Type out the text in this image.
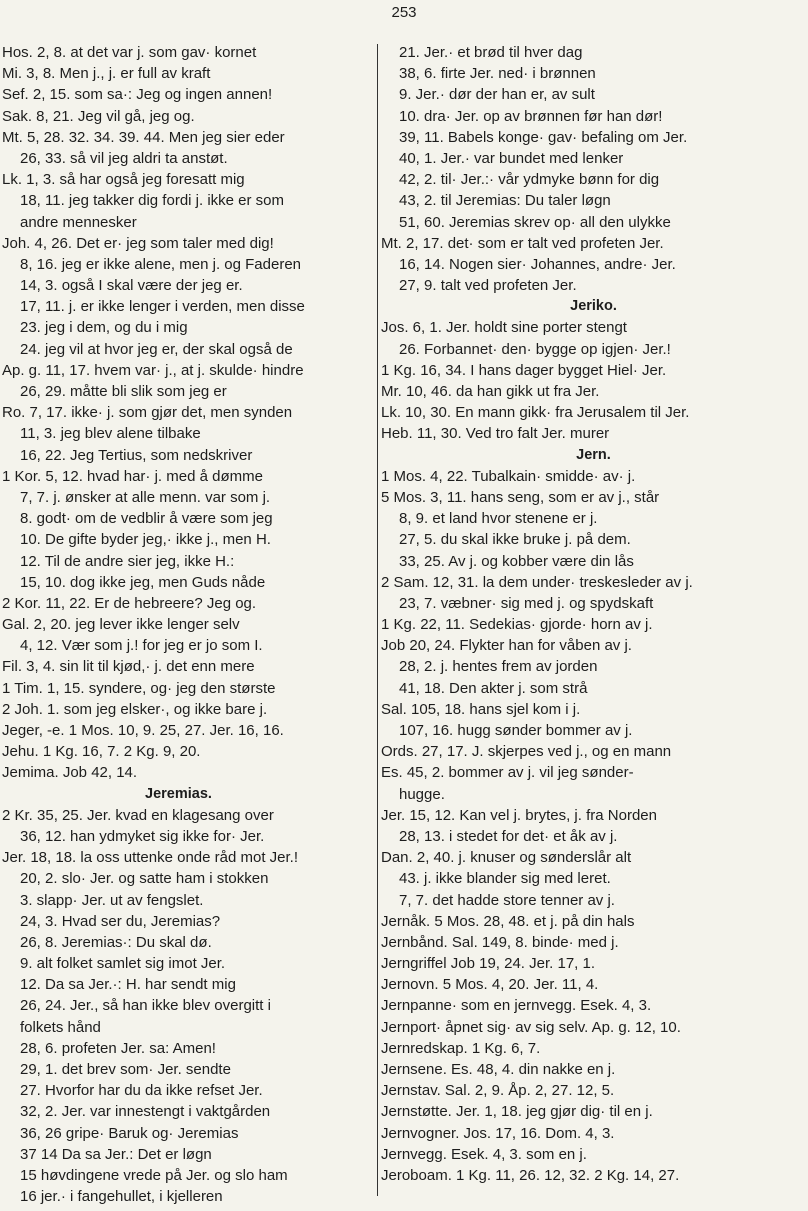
253
Hos. 2, 8. at det var j. som gav· kornet
Mi. 3, 8. Men j., j. er full av kraft
Sef. 2, 15. som sa·: Jeg og ingen annen!
Sak. 8, 21. Jeg vil gå, jeg og.
Mt. 5, 28. 32. 34. 39. 44. Men jeg sier eder
26, 33. så vil jeg aldri ta anstøt.
Lk. 1, 3. så har også jeg foresatt mig
18, 11. jeg takker dig fordi j. ikke er som
andre mennesker
Joh. 4, 26. Det er· jeg som taler med dig!
8, 16. jeg er ikke alene, men j. og Faderen
14, 3. også I skal være der jeg er.
17, 11. j. er ikke lenger i verden, men disse
23. jeg i dem, og du i mig
24. jeg vil at hvor jeg er, der skal også de
Ap. g. 11, 17. hvem var· j., at j. skulde· hindre
26, 29. måtte bli slik som jeg er
Ro. 7, 17. ikke· j. som gjør det, men synden
11, 3. jeg blev alene tilbake
16, 22. Jeg Tertius, som nedskriver
1 Kor. 5, 12. hvad har· j. med å dømme
7, 7. j. ønsker at alle menn. var som j.
8. godt· om de vedblir å være som jeg
10. De gifte byder jeg,· ikke j., men H.
12. Til de andre sier jeg, ikke H.:
15, 10. dog ikke jeg, men Guds nåde
2 Kor. 11, 22. Er de hebreere? Jeg og.
Gal. 2, 20. jeg lever ikke lenger selv
4, 12. Vær som j.! for jeg er jo som I.
Fil. 3, 4. sin lit til kjød,· j. det enn mere
1 Tim. 1, 15. syndere, og· jeg den største
2 Joh. 1. som jeg elsker·, og ikke bare j.
Jeger, -e. 1 Mos. 10, 9. 25, 27. Jer. 16, 16.
Jehu. 1 Kg. 16, 7. 2 Kg. 9, 20.
Jemima. Job 42, 14.
Jeremias.
2 Kr. 35, 25. Jer. kvad en klagesang over
36, 12. han ydmyket sig ikke for· Jer.
Jer. 18, 18. la oss uttenke onde råd mot Jer.!
20, 2. slo· Jer. og satte ham i stokken
3. slapp· Jer. ut av fengslet.
24, 3. Hvad ser du, Jeremias?
26, 8. Jeremias·: Du skal dø.
9. alt folket samlet sig imot Jer.
12. Da sa Jer.·: H. har sendt mig
26, 24. Jer., så han ikke blev overgitt i
folkets hånd
28, 6. profeten Jer. sa: Amen!
29, 1. det brev som· Jer. sendte
27. Hvorfor har du da ikke refset Jer.
32, 2. Jer. var innestengt i vaktgården
36, 26 gripe· Baruk og· Jeremias
37 14 Da sa Jer.: Det er løgn
15 høvdingene vrede på Jer. og slo ham
16 jer.· i fangehullet, i kjelleren
21. Jer.· et brød til hver dag
38, 6. firte Jer. ned· i brønnen
9. Jer.· dør der han er, av sult
10. dra· Jer. op av brønnen før han dør!
39, 11. Babels konge· gav· befaling om Jer.
40, 1. Jer.· var bundet med lenker
42, 2. til· Jer.:· vår ydmyke bønn for dig
43, 2. til Jeremias: Du taler løgn
51, 60. Jeremias skrev op· all den ulykke
Mt. 2, 17. det· som er talt ved profeten Jer.
16, 14. Nogen sier· Johannes, andre· Jer.
27, 9. talt ved profeten Jer.
Jeriko.
Jos. 6, 1. Jer. holdt sine porter stengt
26. Forbannet· den· bygge op igjen· Jer.!
1 Kg. 16, 34. I hans dager bygget Hiel· Jer.
Mr. 10, 46. da han gikk ut fra Jer.
Lk. 10, 30. En mann gikk· fra Jerusalem til Jer.
Heb. 11, 30. Ved tro falt Jer. murer
Jern.
1 Mos. 4, 22. Tubalkain· smidde· av· j.
5 Mos. 3, 11. hans seng, som er av j., står
8, 9. et land hvor stenene er j.
27, 5. du skal ikke bruke j. på dem.
33, 25. Av j. og kobber være din lås
2 Sam. 12, 31. la dem under· treskesleder av j.
23, 7. væbner· sig med j. og spydskaft
1 Kg. 22, 11. Sedekias· gjorde· horn av j.
Job 20, 24. Flykter han for våben av j.
28, 2. j. hentes frem av jorden
41, 18. Den akter j. som strå
Sal. 105, 18. hans sjel kom i j.
107, 16. hugg sønder bommer av j.
Ords. 27, 17. J. skjerpes ved j., og en mann
Es. 45, 2. bommer av j. vil jeg sønder-
hugge.
Jer. 15, 12. Kan vel j. brytes, j. fra Norden
28, 13. i stedet for det· et åk av j.
Dan. 2, 40. j. knuser og sønderslår alt
43. j. ikke blander sig med leret.
7, 7. det hadde store tenner av j.
Jernåk. 5 Mos. 28, 48. et j. på din hals
Jernbånd. Sal. 149, 8. binde· med j.
Jerngriffel Job 19, 24. Jer. 17, 1.
Jernovn. 5 Mos. 4, 20. Jer. 11, 4.
Jernpanne· som en jernvegg. Esek. 4, 3.
Jernport· åpnet sig· av sig selv. Ap. g. 12, 10.
Jernredskap. 1 Kg. 6, 7.
Jernsene. Es. 48, 4. din nakke en j.
Jernstav. Sal. 2, 9. Åp. 2, 27. 12, 5.
Jernstøtte. Jer. 1, 18. jeg gjør dig· til en j.
Jernvogner. Jos. 17, 16. Dom. 4, 3.
Jernvegg. Esek. 4, 3. som en j.
Jeroboam. 1 Kg. 11, 26. 12, 32. 2 Kg. 14, 27.
